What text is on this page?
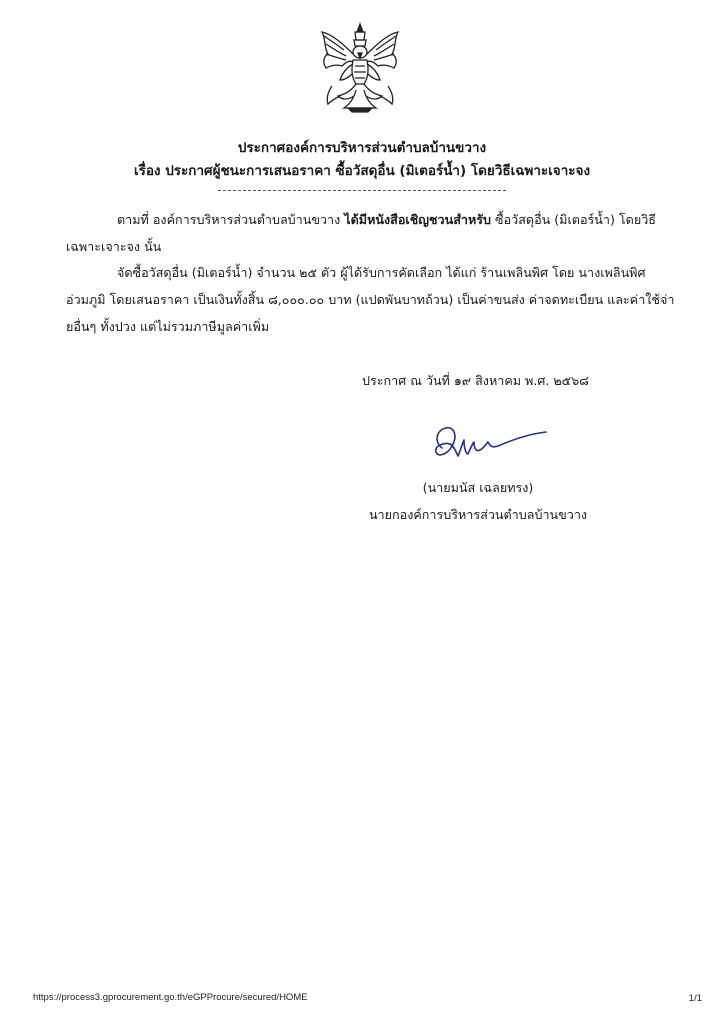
ประกาศองค์การบริหารส่วนตำบลบ้านขวาง
เรื่อง ประกาศผู้ชนะการเสนอราคา ซื้อวัสดุอื่น (มิเตอร์น้ำ) โดยวิธีเฉพาะเจาะจง
ตามที่ องค์การบริหารส่วนตำบลบ้านขวาง ได้มีหนังสือเชิญชวนสำหรับ ซื้อวัสดุอื่น (มิเตอร์น้ำ) โดยวิธี
เฉพาะเจาะจง นั้น
จัดซื้อวัสดุอื่น (มิเตอร์น้ำ) จำนวน ๒๕ ตัว ผู้ได้รับการคัดเลือก ได้แก่ ร้านเพลินพิศ โดย นางเพลินพิศ
อ่วมภูมิ โดยเสนอราคา เป็นเงินทั้งสิ้น ๘,๐๐๐.๐๐ บาท (แปดพันบาทถ้วน) เป็นค่าขนส่ง ค่าจดทะเบียน และค่าใช้จ่า
ยอื่นๆ ทั้งปวง แต่ไม่รวมภาษีมูลค่าเพิ่ม
ประกาศ ณ วันที่ ๑๙ สิงหาคม พ.ศ. ๒๕๖๘
(นายมนัส เฉลยทรง)
นายกองค์การบริหารส่วนตำบลบ้านขวาง
https://process3.gprocurement.go.th/eGPProcure/secured/HOME	1/1
